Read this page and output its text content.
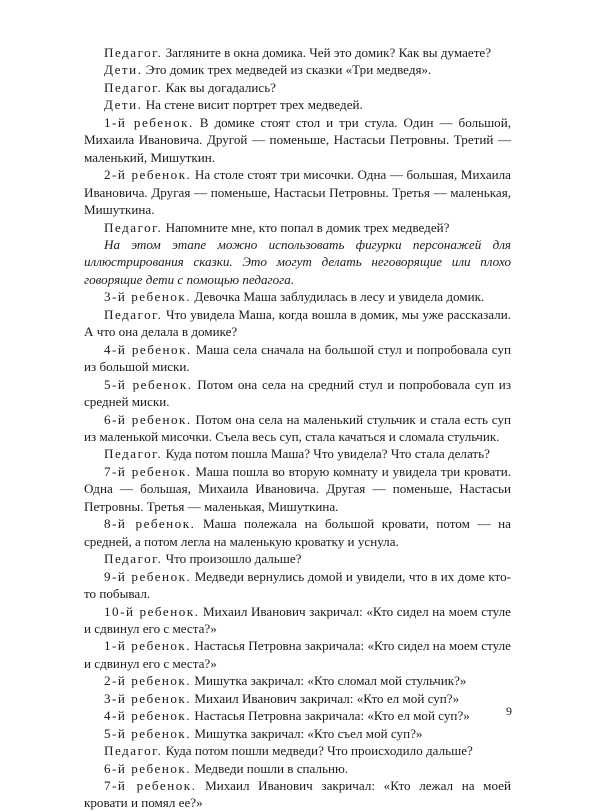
Педагог. Загляните в окна домика. Чей это домик? Как вы думаете?

Дети. Это домик трех медведей из сказки «Три медведя».

Педагог. Как вы догадались?

Дети. На стене висит портрет трех медведей.

1-й ребенок. В домике стоят стол и три стула. Один — большой, Михаила Ивановича. Другой — поменьше, Настасьи Петровны. Третий — маленький, Мишуткин.

2-й ребенок. На столе стоят три мисочки. Одна — большая, Михаила Ивановича. Другая — поменьше, Настасьи Петровны. Третья — маленькая, Мишуткина.

Педагог. Напомните мне, кто попал в домик трех медведей?

На этом этапе можно использовать фигурки персонажей для иллюстрирования сказки. Это могут делать неговорящие или плохо говорящие дети с помощью педагога.

3-й ребенок. Девочка Маша заблудилась в лесу и увидела домик.

Педагог. Что увидела Маша, когда вошла в домик, мы уже рассказали. А что она делала в домике?

4-й ребенок. Маша села сначала на большой стул и попробовала суп из большой миски.

5-й ребенок. Потом она села на средний стул и попробовала суп из средней миски.

6-й ребенок. Потом она села на маленький стульчик и стала есть суп из маленькой мисочки. Съела весь суп, стала качаться и сломала стульчик.

Педагог. Куда потом пошла Маша? Что увидела? Что стала делать?

7-й ребенок. Маша пошла во вторую комнату и увидела три кровати. Одна — большая, Михаила Ивановича. Другая — поменьше, Настасьи Петровны. Третья — маленькая, Мишуткина.

8-й ребенок. Маша полежала на большой кровати, потом — на средней, а потом легла на маленькую кроватку и уснула.

Педагог. Что произошло дальше?

9-й ребенок. Медведи вернулись домой и увидели, что в их доме кто-то побывал.

10-й ребенок. Михаил Иванович закричал: «Кто сидел на моем стуле и сдвинул его с места?»

1-й ребенок. Настасья Петровна закричала: «Кто сидел на моем стуле и сдвинул его с места?»

2-й ребенок. Мишутка закричал: «Кто сломал мой стульчик?»

3-й ребенок. Михаил Иванович закричал: «Кто ел мой суп?»

4-й ребенок. Настасья Петровна закричала: «Кто ел мой суп?»

5-й ребенок. Мишутка закричал: «Кто съел мой суп?»

Педагог. Куда потом пошли медведи? Что происходило дальше?

6-й ребенок. Медведи пошли в спальню.

7-й ребенок. Михаил Иванович закричал: «Кто лежал на моей кровати и помял ее?»

9
